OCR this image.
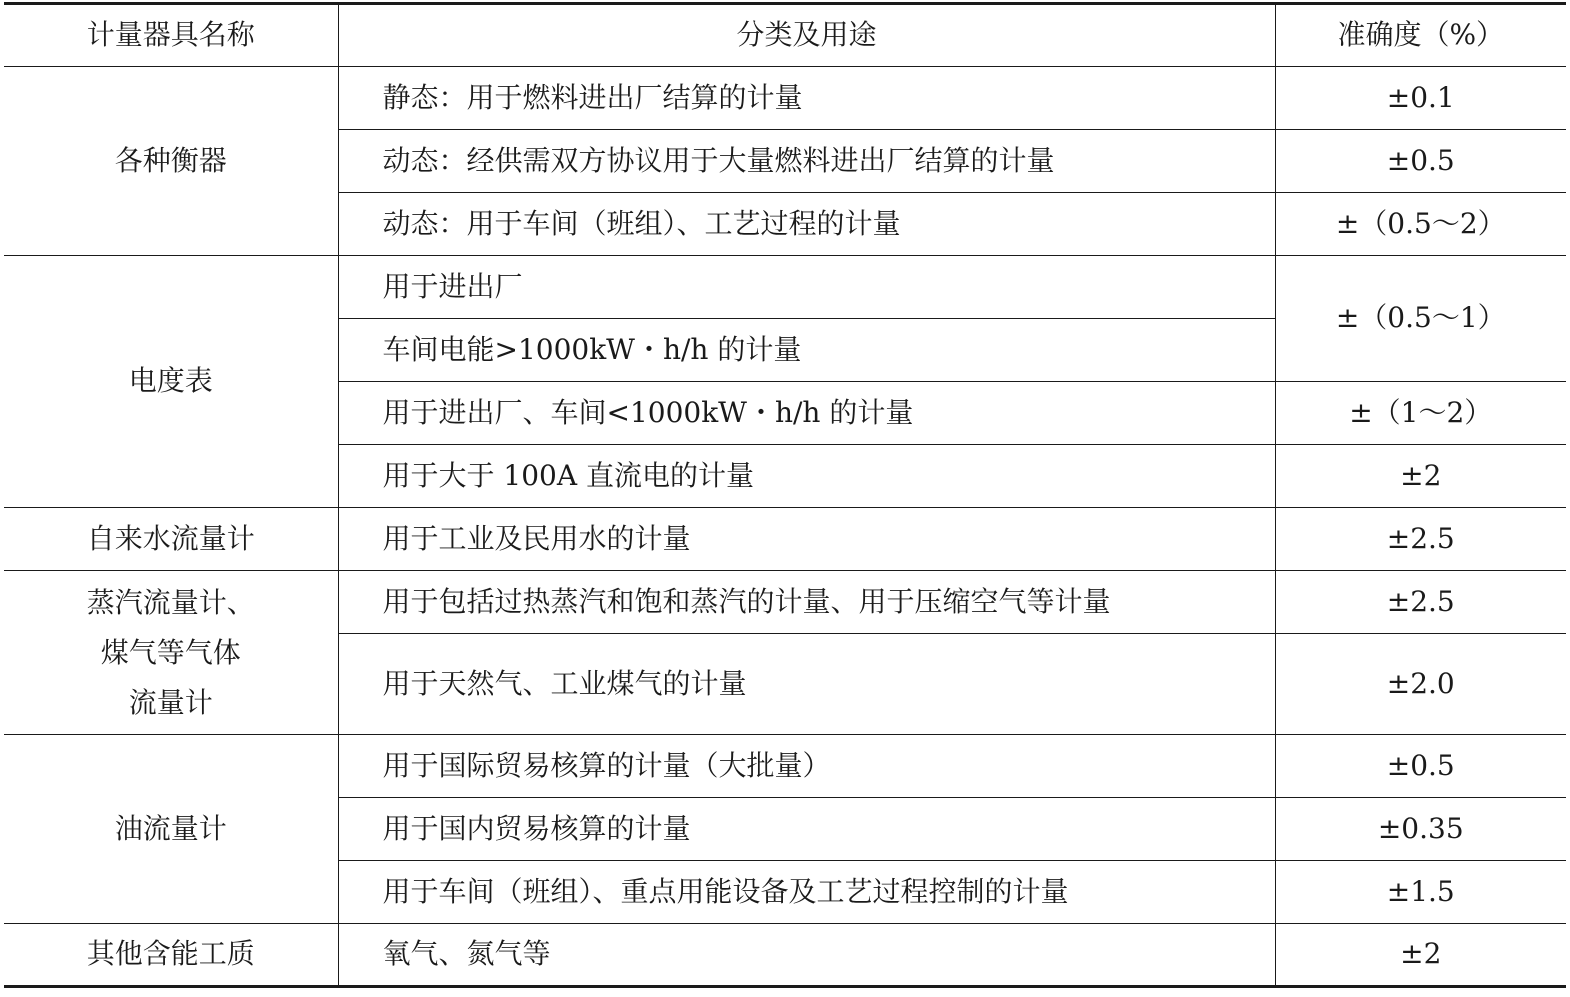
计量器具名称	分类及用途	准确度（%）
各种衡器	静态：用于燃料进出厂结算的计量	±0.1
	动态：经供需双方协议用于大量燃料进出厂结算的计量	±0.5
	动态：用于车间（班组）、工艺过程的计量	±（0.5～2）
电度表	用于进出厂	±（0.5～1）
	车间电能>1000kW・h/h 的计量	
	用于进出厂、车间<1000kW・h/h 的计量	±（1～2）
	用于大于 100A 直流电的计量	±2
自来水流量计	用于工业及民用水的计量	±2.5

蒸汽流量计、
煤气等气体
流量计	用于包括过热蒸汽和饱和蒸汽的计量、用于压缩空气等计量	±2.5
	用于天然气、工业煤气的计量	±2.0
油流量计	用于国际贸易核算的计量（大批量）	±0.5
	用于国内贸易核算的计量	±0.35
	用于车间（班组）、重点用能设备及工艺过程控制的计量	±1.5
其他含能工质	氧气、氮气等	±2
